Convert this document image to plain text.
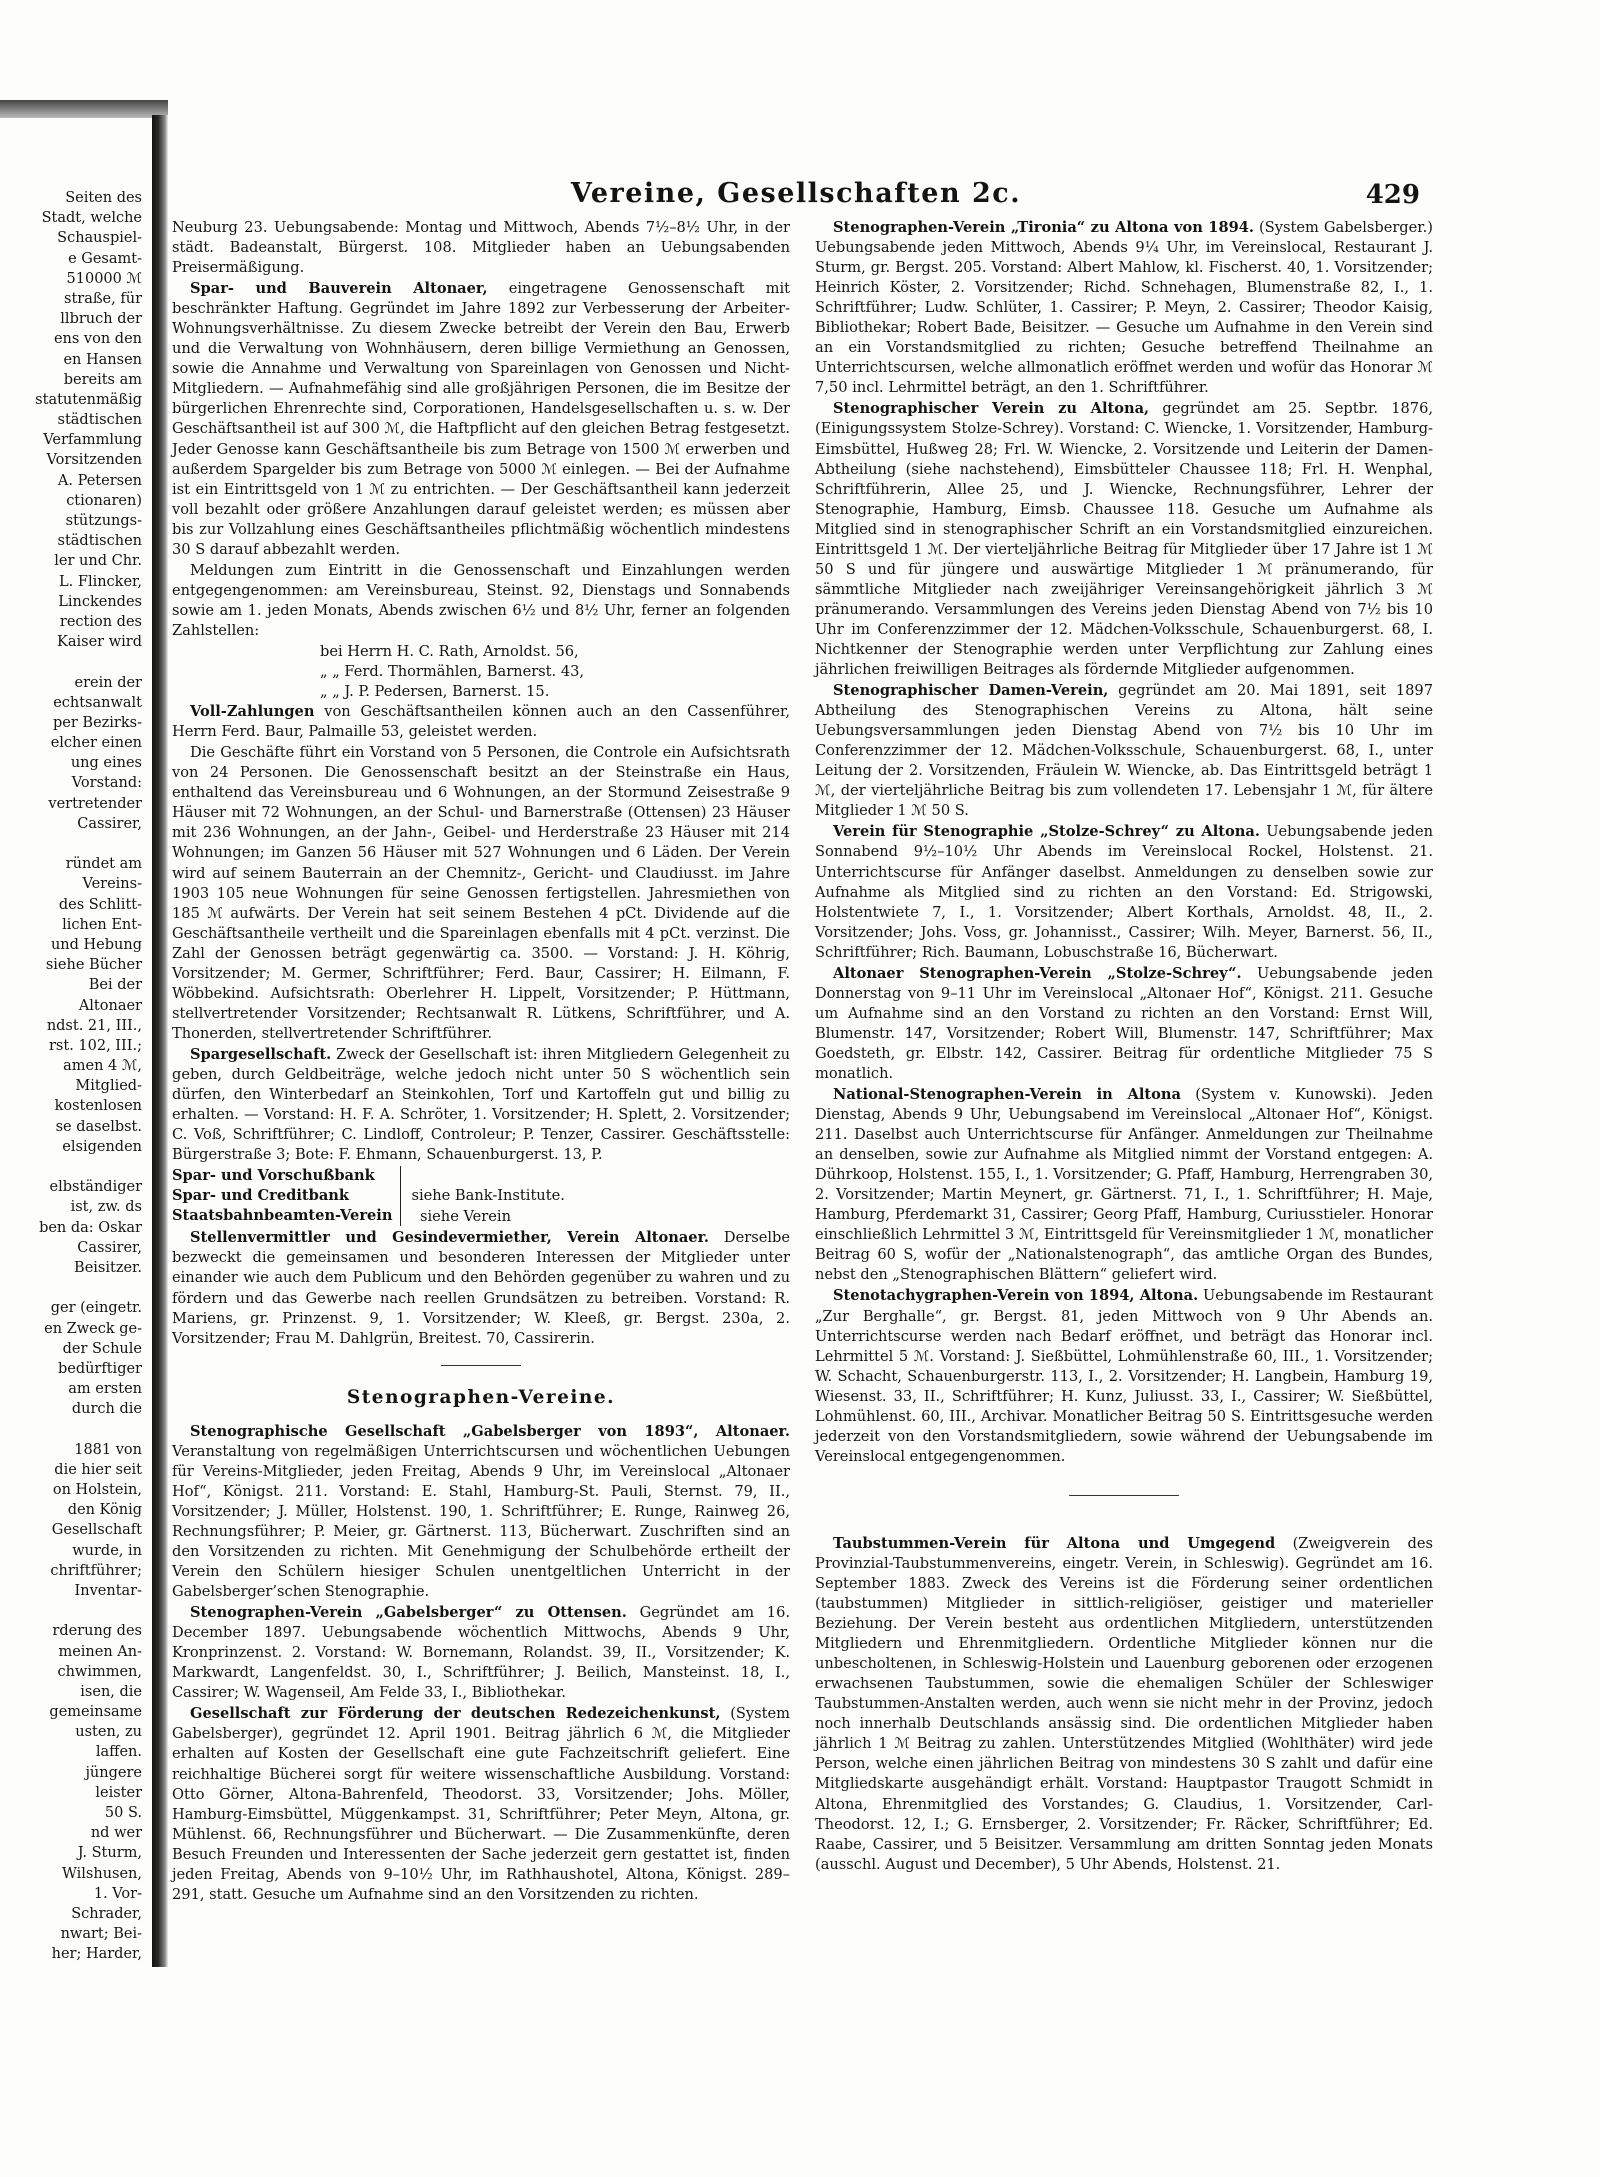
Seiten des
Stadt, welche
Schauspiel-
e Gesamt-
510000 ℳ
straße, für
llbruch der
ens von den
en Hansen
bereits am
statutenmäßig
städtischen
Verfammlung
Vorsitzenden
A. Petersen
ctionaren)
stützungs-
städtischen
ler und Chr.
L. Flincker,
Linckendes
rection des
Kaiser wird
erein der
echtsanwalt
per Bezirks-
elcher einen
ung eines
Vorstand:
vertretender
Cassirer,
ründet am
Vereins-
des Schlitt-
lichen Ent-
und Hebung
siehe Bücher
Bei der
Altonaer
ndst. 21, III.,
rst. 102, III.;
amen 4 ℳ,
Mitglied-
kostenlosen
se daselbst.
elsigenden
elbständiger
ist, zw. ds
ben da: Oskar
Cassirer,
Beisitzer.
ger (eingetr.
en Zweck ge-
der Schule
bedürftiger
am ersten
durch die
1881 von
die hier seit
on Holstein,
den König
Gesellschaft
wurde, in
chriftführer;
Inventar-
rderung des
meinen An-
chwimmen,
isen, die
gemeinsame
usten, zu
laffen.
jüngere
leister
50 S.
nd wer
J. Sturm,
Wilshusen,
1. Vor-
Schrader,
nwart; Bei-
her; Harder,
Vereine, Gesellschaften 2c.	429

Neuburg 23. Uebungsabende: Montag und Mittwoch, Abends 7½–8½ Uhr, in der städt. Badeanstalt, Bürgerst. 108. Mitglieder haben an Uebungsabenden Preisermäßigung.

Spar- und Bauverein Altonaer, eingetragene Genossenschaft mit beschränkter Haftung. Gegründet im Jahre 1892 zur Verbesserung der Arbeiter-Wohnungsverhältnisse. Zu diesem Zwecke betreibt der Verein den Bau, Erwerb und die Verwaltung von Wohnhäusern, deren billige Vermiethung an Genossen, sowie die Annahme und Verwaltung von Spareinlagen von Genossen und Nicht-Mitgliedern. — Aufnahmefähig sind alle großjährigen Personen, die im Besitze der bürgerlichen Ehrenrechte sind, Corporationen, Handelsgesellschaften u. s. w. Der Geschäftsantheil ist auf 300 ℳ, die Haftpflicht auf den gleichen Betrag festgesetzt. Jeder Genosse kann Geschäftsantheile bis zum Betrage von 1500 ℳ erwerben und außerdem Spargelder bis zum Betrage von 5000 ℳ einlegen. — Bei der Aufnahme ist ein Eintrittsgeld von 1 ℳ zu entrichten. — Der Geschäftsantheil kann jederzeit voll bezahlt oder größere Anzahlungen darauf geleistet werden; es müssen aber bis zur Vollzahlung eines Geschäftsantheiles pflichtmäßig wöchentlich mindestens 30 S darauf abbezahlt werden.

Meldungen zum Eintritt in die Genossenschaft und Einzahlungen werden entgegengenommen: am Vereinsbureau, Steinst. 92, Dienstags und Sonnabends sowie am 1. jeden Monats, Abends zwischen 6½ und 8½ Uhr, ferner an folgenden Zahlstellen:

bei Herrn H. C. Rath, Arnoldst. 56,

„ „ Ferd. Thormählen, Barnerst. 43,

„ „ J. P. Pedersen, Barnerst. 15.

Voll-Zahlungen von Geschäftsantheilen können auch an den Cassenführer, Herrn Ferd. Baur, Palmaille 53, geleistet werden.

Die Geschäfte führt ein Vorstand von 5 Personen, die Controle ein Aufsichtsrath von 24 Personen. Die Genossenschaft besitzt an der Steinstraße ein Haus, enthaltend das Vereinsbureau und 6 Wohnungen, an der Stormund Zeisestraße 9 Häuser mit 72 Wohnungen, an der Schul- und Barnerstraße (Ottensen) 23 Häuser mit 236 Wohnungen, an der Jahn-, Geibel- und Herderstraße 23 Häuser mit 214 Wohnungen; im Ganzen 56 Häuser mit 527 Wohnungen und 6 Läden. Der Verein wird auf seinem Bauterrain an der Chemnitz-, Gericht- und Claudiusst. im Jahre 1903 105 neue Wohnungen für seine Genossen fertigstellen. Jahresmiethen von 185 ℳ aufwärts. Der Verein hat seit seinem Bestehen 4 pCt. Dividende auf die Geschäftsantheile vertheilt und die Spareinlagen ebenfalls mit 4 pCt. verzinst. Die Zahl der Genossen beträgt gegenwärtig ca. 3500. — Vorstand: J. H. Köhrig, Vorsitzender; M. Germer, Schriftführer; Ferd. Baur, Cassirer; H. Eilmann, F. Wöbbekind. Aufsichtsrath: Oberlehrer H. Lippelt, Vorsitzender; P. Hüttmann, stellvertretender Vorsitzender; Rechtsanwalt R. Lütkens, Schriftführer, und A. Thonerden, stellvertretender Schriftführer.

Spargesellschaft. Zweck der Gesellschaft ist: ihren Mitgliedern Gelegenheit zu geben, durch Geldbeiträge, welche jedoch nicht unter 50 S wöchentlich sein dürfen, den Winterbedarf an Steinkohlen, Torf und Kartoffeln gut und billig zu erhalten. — Vorstand: H. F. A. Schröter, 1. Vorsitzender; H. Splett, 2. Vorsitzender; C. Voß, Schriftführer; C. Lindloff, Controleur; P. Tenzer, Cassirer. Geschäftsstelle: Bürgerstraße 3; Bote: F. Ehmann, Schauenburgerst. 13, P.

Spar- und Vorschußbank
Spar- und Creditbank
Staatsbahnbeamten-Verein
siehe Bank-Institute.

siehe Verein

Stellenvermittler und Gesindevermiether, Verein Altonaer. Derselbe bezweckt die gemeinsamen und besonderen Interessen der Mitglieder unter einander wie auch dem Publicum und den Behörden gegenüber zu wahren und zu fördern und das Gewerbe nach reellen Grundsätzen zu betreiben. Vorstand: R. Mariens, gr. Prinzenst. 9, 1. Vorsitzender; W. Kleeß, gr. Bergst. 230a, 2. Vorsitzender; Frau M. Dahlgrün, Breitest. 70, Cassirerin.

Stenographen-Vereine.

Stenographische Gesellschaft „Gabelsberger von 1893“, Altonaer. Veranstaltung von regelmäßigen Unterrichtscursen und wöchentlichen Uebungen für Vereins-Mitglieder, jeden Freitag, Abends 9 Uhr, im Vereinslocal „Altonaer Hof“, Königst. 211. Vorstand: E. Stahl, Hamburg-St. Pauli, Sternst. 79, II., Vorsitzender; J. Müller, Holstenst. 190, 1. Schriftführer; E. Runge, Rainweg 26, Rechnungsführer; P. Meier, gr. Gärtnerst. 113, Bücherwart. Zuschriften sind an den Vorsitzenden zu richten. Mit Genehmigung der Schulbehörde ertheilt der Verein den Schülern hiesiger Schulen unentgeltlichen Unterricht in der Gabelsberger’schen Stenographie.

Stenographen-Verein „Gabelsberger“ zu Ottensen. Gegründet am 16. December 1897. Uebungsabende wöchentlich Mittwochs, Abends 9 Uhr, Kronprinzenst. 2. Vorstand: W. Bornemann, Rolandst. 39, II., Vorsitzender; K. Markwardt, Langenfeldst. 30, I., Schriftführer; J. Beilich, Mansteinst. 18, I., Cassirer; W. Wagenseil, Am Felde 33, I., Bibliothekar.

Gesellschaft zur Förderung der deutschen Redezeichenkunst, (System Gabelsberger), gegründet 12. April 1901. Beitrag jährlich 6 ℳ, die Mitglieder erhalten auf Kosten der Gesellschaft eine gute Fachzeitschrift geliefert. Eine reichhaltige Bücherei sorgt für weitere wissenschaftliche Ausbildung. Vorstand: Otto Görner, Altona-Bahrenfeld, Theodorst. 33, Vorsitzender; Johs. Möller, Hamburg-Eimsbüttel, Müggenkampst. 31, Schriftführer; Peter Meyn, Altona, gr. Mühlenst. 66, Rechnungsführer und Bücherwart. — Die Zusammenkünfte, deren Besuch Freunden und Interessenten der Sache jederzeit gern gestattet ist, finden jeden Freitag, Abends von 9–10½ Uhr, im Rathhaushotel, Altona, Königst. 289–291, statt. Gesuche um Aufnahme sind an den Vorsitzenden zu richten.

Stenographen-Verein „Tironia“ zu Altona von 1894. (System Gabelsberger.) Uebungsabende jeden Mittwoch, Abends 9¼ Uhr, im Vereinslocal, Restaurant J. Sturm, gr. Bergst. 205. Vorstand: Albert Mahlow, kl. Fischerst. 40, 1. Vorsitzender; Heinrich Köster, 2. Vorsitzender; Richd. Schnehagen, Blumenstraße 82, I., 1. Schriftführer; Ludw. Schlüter, 1. Cassirer; P. Meyn, 2. Cassirer; Theodor Kaisig, Bibliothekar; Robert Bade, Beisitzer. — Gesuche um Aufnahme in den Verein sind an ein Vorstandsmitglied zu richten; Gesuche betreffend Theilnahme an Unterrichtscursen, welche allmonatlich eröffnet werden und wofür das Honorar ℳ 7,50 incl. Lehrmittel beträgt, an den 1. Schriftführer.

Stenographischer Verein zu Altona, gegründet am 25. Septbr. 1876, (Einigungssystem Stolze-Schrey). Vorstand: C. Wiencke, 1. Vorsitzender, Hamburg-Eimsbüttel, Hußweg 28; Frl. W. Wiencke, 2. Vorsitzende und Leiterin der Damen-Abtheilung (siehe nachstehend), Eimsbütteler Chaussee 118; Frl. H. Wenphal, Schriftführerin, Allee 25, und J. Wiencke, Rechnungsführer, Lehrer der Stenographie, Hamburg, Eimsb. Chaussee 118. Gesuche um Aufnahme als Mitglied sind in stenographischer Schrift an ein Vorstandsmitglied einzureichen. Eintrittsgeld 1 ℳ. Der vierteljährliche Beitrag für Mitglieder über 17 Jahre ist 1 ℳ 50 S und für jüngere und auswärtige Mitglieder 1 ℳ pränumerando, für sämmtliche Mitglieder nach zweijähriger Vereinsangehörigkeit jährlich 3 ℳ pränumerando. Versammlungen des Vereins jeden Dienstag Abend von 7½ bis 10 Uhr im Conferenzzimmer der 12. Mädchen-Volksschule, Schauenburgerst. 68, I. Nichtkenner der Stenographie werden unter Verpflichtung zur Zahlung eines jährlichen freiwilligen Beitrages als fördernde Mitglieder aufgenommen.

Stenographischer Damen-Verein, gegründet am 20. Mai 1891, seit 1897 Abtheilung des Stenographischen Vereins zu Altona, hält seine Uebungsversammlungen jeden Dienstag Abend von 7½ bis 10 Uhr im Conferenzzimmer der 12. Mädchen-Volksschule, Schauenburgerst. 68, I., unter Leitung der 2. Vorsitzenden, Fräulein W. Wiencke, ab. Das Eintrittsgeld beträgt 1 ℳ, der vierteljährliche Beitrag bis zum vollendeten 17. Lebensjahr 1 ℳ, für ältere Mitglieder 1 ℳ 50 S.

Verein für Stenographie „Stolze-Schrey“ zu Altona. Uebungsabende jeden Sonnabend 9½–10½ Uhr Abends im Vereinslocal Rockel, Holstenst. 21. Unterrichtscurse für Anfänger daselbst. Anmeldungen zu denselben sowie zur Aufnahme als Mitglied sind zu richten an den Vorstand: Ed. Strigowski, Holstentwiete 7, I., 1. Vorsitzender; Albert Korthals, Arnoldst. 48, II., 2. Vorsitzender; Johs. Voss, gr. Johannisst., Cassirer; Wilh. Meyer, Barnerst. 56, II., Schriftführer; Rich. Baumann, Lobuschstraße 16, Bücherwart.

Altonaer Stenographen-Verein „Stolze-Schrey“. Uebungsabende jeden Donnerstag von 9–11 Uhr im Vereinslocal „Altonaer Hof“, Königst. 211. Gesuche um Aufnahme sind an den Vorstand zu richten an den Vorstand: Ernst Will, Blumenstr. 147, Vorsitzender; Robert Will, Blumenstr. 147, Schriftführer; Max Goedsteth, gr. Elbstr. 142, Cassirer. Beitrag für ordentliche Mitglieder 75 S monatlich.

National-Stenographen-Verein in Altona (System v. Kunowski). Jeden Dienstag, Abends 9 Uhr, Uebungsabend im Vereinslocal „Altonaer Hof“, Königst. 211. Daselbst auch Unterrichtscurse für Anfänger. Anmeldungen zur Theilnahme an denselben, sowie zur Aufnahme als Mitglied nimmt der Vorstand entgegen: A. Dührkoop, Holstenst. 155, I., 1. Vorsitzender; G. Pfaff, Hamburg, Herrengraben 30, 2. Vorsitzender; Martin Meynert, gr. Gärtnerst. 71, I., 1. Schriftführer; H. Maje, Hamburg, Pferdemarkt 31, Cassirer; Georg Pfaff, Hamburg, Curiusstieler. Honorar einschließlich Lehrmittel 3 ℳ, Eintrittsgeld für Vereinsmitglieder 1 ℳ, monatlicher Beitrag 60 S, wofür der „Nationalstenograph“, das amtliche Organ des Bundes, nebst den „Stenographischen Blättern“ geliefert wird.

Stenotachygraphen-Verein von 1894, Altona. Uebungsabende im Restaurant „Zur Berghalle“, gr. Bergst. 81, jeden Mittwoch von 9 Uhr Abends an. Unterrichtscurse werden nach Bedarf eröffnet, und beträgt das Honorar incl. Lehrmittel 5 ℳ. Vorstand: J. Sießbüttel, Lohmühlenstraße 60, III., 1. Vorsitzender; W. Schacht, Schauenburgerstr. 113, I., 2. Vorsitzender; H. Langbein, Hamburg 19, Wiesenst. 33, II., Schriftführer; H. Kunz, Juliusst. 33, I., Cassirer; W. Sießbüttel, Lohmühlenst. 60, III., Archivar. Monatlicher Beitrag 50 S. Eintrittsgesuche werden jederzeit von den Vorstandsmitgliedern, sowie während der Uebungsabende im Vereinslocal entgegengenommen.

Taubstummen-Verein für Altona und Umgegend (Zweigverein des Provinzial-Taubstummenvereins, eingetr. Verein, in Schleswig). Gegründet am 16. September 1883. Zweck des Vereins ist die Förderung seiner ordentlichen (taubstummen) Mitglieder in sittlich-religiöser, geistiger und materieller Beziehung. Der Verein besteht aus ordentlichen Mitgliedern, unterstützenden Mitgliedern und Ehrenmitgliedern. Ordentliche Mitglieder können nur die unbescholtenen, in Schleswig-Holstein und Lauenburg geborenen oder erzogenen erwachsenen Taubstummen, sowie die ehemaligen Schüler der Schleswiger Taubstummen-Anstalten werden, auch wenn sie nicht mehr in der Provinz, jedoch noch innerhalb Deutschlands ansässig sind. Die ordentlichen Mitglieder haben jährlich 1 ℳ Beitrag zu zahlen. Unterstützendes Mitglied (Wohlthäter) wird jede Person, welche einen jährlichen Beitrag von mindestens 30 S zahlt und dafür eine Mitgliedskarte ausgehändigt erhält. Vorstand: Hauptpastor Traugott Schmidt in Altona, Ehrenmitglied des Vorstandes; G. Claudius, 1. Vorsitzender, Carl-Theodorst. 12, I.; G. Ernsberger, 2. Vorsitzender; Fr. Räcker, Schriftführer; Ed. Raabe, Cassirer, und 5 Beisitzer. Versammlung am dritten Sonntag jeden Monats (ausschl. August und December), 5 Uhr Abends, Holstenst. 21.
